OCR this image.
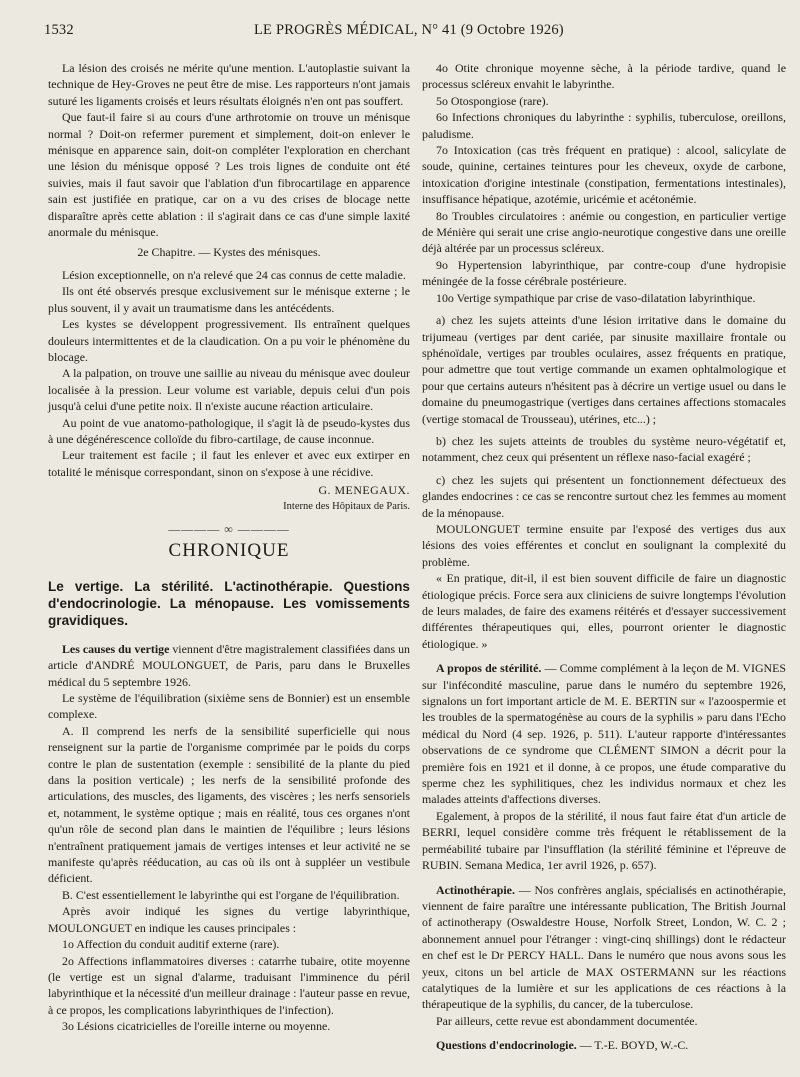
1532	LE PROGRÈS MÉDICAL, N° 41 (9 Octobre 1926)

La lésion des croisés ne mérite qu'une mention. L'autoplastie suivant la technique de Hey-Groves ne peut être de mise. Les rapporteurs n'ont jamais suturé les ligaments croisés et leurs résultats éloignés n'en ont pas souffert.

Que faut-il faire si au cours d'une arthrotomie on trouve un ménisque normal ? Doit-on refermer purement et simplement, doit-on enlever le ménisque en apparence sain, doit-on compléter l'exploration en cherchant une lésion du ménisque opposé ? Les trois lignes de conduite ont été suivies, mais il faut savoir que l'ablation d'un fibrocartilage en apparence sain est justifiée en pratique, car on a vu des crises de blocage nette disparaître après cette ablation : il s'agirait dans ce cas d'une simple laxité anormale du ménisque.

2e Chapitre. — Kystes des ménisques.

Lésion exceptionnelle, on n'a relevé que 24 cas connus de cette maladie.

Ils ont été observés presque exclusivement sur le ménisque externe ; le plus souvent, il y avait un traumatisme dans les antécédents.

Les kystes se développent progressivement. Ils entraînent quelques douleurs intermittentes et de la claudication. On a pu voir le phénomène du blocage.

A la palpation, on trouve une saillie au niveau du ménisque avec douleur localisée à la pression. Leur volume est variable, depuis celui d'un pois jusqu'à celui d'une petite noix. Il n'existe aucune réaction articulaire.

Au point de vue anatomo-pathologique, il s'agit là de pseudo-kystes dus à une dégénérescence colloïde du fibro-cartilage, de cause inconnue.

Leur traitement est facile ; il faut les enlever et avec eux extirper en totalité le ménisque correspondant, sinon on s'expose à une récidive.

G. MENEGAUX.

Interne des Hôpitaux de Paris.

———— ∞ ————

CHRONIQUE

Le vertige. La stérilité. L'actinothérapie. Questions d'endocrinologie. La ménopause. Les vomissements gravidiques.

Les causes du vertige viennent d'être magistralement classifiées dans un article d'ANDRÉ MOULONGUET, de Paris, paru dans le Bruxelles médical du 5 septembre 1926.

Le système de l'équilibration (sixième sens de Bonnier) est un ensemble complexe.

A. Il comprend les nerfs de la sensibilité superficielle qui nous renseignent sur la partie de l'organisme comprimée par le poids du corps contre le plan de sustentation (exemple : sensibilité de la plante du pied dans la position verticale) ; les nerfs de la sensibilité profonde des articulations, des muscles, des ligaments, des viscères ; les nerfs sensoriels et, notamment, le système optique ; mais en réalité, tous ces organes n'ont qu'un rôle de second plan dans le maintien de l'équilibre ; leurs lésions n'entraînent pratiquement jamais de vertiges intenses et leur activité ne se manifeste qu'après rééducation, au cas où ils ont à suppléer un vestibule déficient.

B. C'est essentiellement le labyrinthe qui est l'organe de l'équilibration.

Après avoir indiqué les signes du vertige labyrinthique, MOULONGUET en indique les causes principales :

1o Affection du conduit auditif externe (rare).

2o Affections inflammatoires diverses : catarrhe tubaire, otite moyenne (le vertige est un signal d'alarme, traduisant l'imminence du péril labyrinthique et la nécessité d'un meilleur drainage : l'auteur passe en revue, à ce propos, les complications labyrinthiques de l'infection).

3o Lésions cicatricielles de l'oreille interne ou moyenne.

4o Otite chronique moyenne sèche, à la période tardive, quand le processus scléreux envahit le labyrinthe.

5o Otospongiose (rare).

6o Infections chroniques du labyrinthe : syphilis, tuberculose, oreillons, paludisme.

7o Intoxication (cas très fréquent en pratique) : alcool, salicylate de soude, quinine, certaines teintures pour les cheveux, oxyde de carbone, intoxication d'origine intestinale (constipation, fermentations intestinales), insuffisance hépatique, azotémie, uricémie et acétonémie.

8o Troubles circulatoires : anémie ou congestion, en particulier vertige de Ménière qui serait une crise angio-neurotique congestive dans une oreille déjà altérée par un processus scléreux.

9o Hypertension labyrinthique, par contre-coup d'une hydropisie méningée de la fosse cérébrale postérieure.

10o Vertige sympathique par crise de vaso-dilatation labyrinthique.

a) chez les sujets atteints d'une lésion irritative dans le domaine du trijumeau (vertiges par dent cariée, par sinusite maxillaire frontale ou sphénoïdale, vertiges par troubles oculaires, assez fréquents en pratique, pour admettre que tout vertige commande un examen ophtalmologique et pour que certains auteurs n'hésitent pas à décrire un vertige usuel ou dans le domaine du pneumogastrique (vertiges dans certaines affections stomacales (vertige stomacal de Trousseau), utérines, etc...) ;

b) chez les sujets atteints de troubles du système neuro-végétatif et, notamment, chez ceux qui présentent un réflexe naso-facial exagéré ;

c) chez les sujets qui présentent un fonctionnement défectueux des glandes endocrines : ce cas se rencontre surtout chez les femmes au moment de la ménopause.

MOULONGUET termine ensuite par l'exposé des vertiges dus aux lésions des voies efférentes et conclut en soulignant la complexité du problème.

« En pratique, dit-il, il est bien souvent difficile de faire un diagnostic étiologique précis. Force sera aux cliniciens de suivre longtemps l'évolution de leurs malades, de faire des examens réitérés et d'essayer successivement différentes thérapeutiques qui, elles, pourront orienter le diagnostic étiologique. »

A propos de stérilité. — Comme complément à la leçon de M. VIGNES sur l'infécondité masculine, parue dans le numéro du septembre 1926, signalons un fort important article de M. E. BERTIN sur « l'azoospermie et les troubles de la spermatogénèse au cours de la syphilis » paru dans l'Echo médical du Nord (4 sep. 1926, p. 511). L'auteur rapporte d'intéressantes observations de ce syndrome que CLÉMENT SIMON a décrit pour la première fois en 1921 et il donne, à ce propos, une étude comparative du sperme chez les syphilitiques, chez les individus normaux et chez les malades atteints d'affections diverses.

Egalement, à propos de la stérilité, il nous faut faire état d'un article de BERRI, lequel considère comme très fréquent le rétablissement de la perméabilité tubaire par l'insufflation (la stérilité féminine et l'épreuve de RUBIN. Semana Medica, 1er avril 1926, p. 657).

Actinothérapie. — Nos confrères anglais, spécialisés en actinothérapie, viennent de faire paraître une intéressante publication, The British Journal of actinotherapy (Oswaldestre House, Norfolk Street, London, W. C. 2 ; abonnement annuel pour l'étranger : vingt-cinq shillings) dont le rédacteur en chef est le Dr PERCY HALL. Dans le numéro que nous avons sous les yeux, citons un bel article de MAX OSTERMANN sur les réactions catalytiques de la lumière et sur les applications de ces réactions à la thérapeutique de la syphilis, du cancer, de la tuberculose.

Par ailleurs, cette revue est abondamment documentée.

Questions d'endocrinologie. — T.-E. BOYD, W.-C.
